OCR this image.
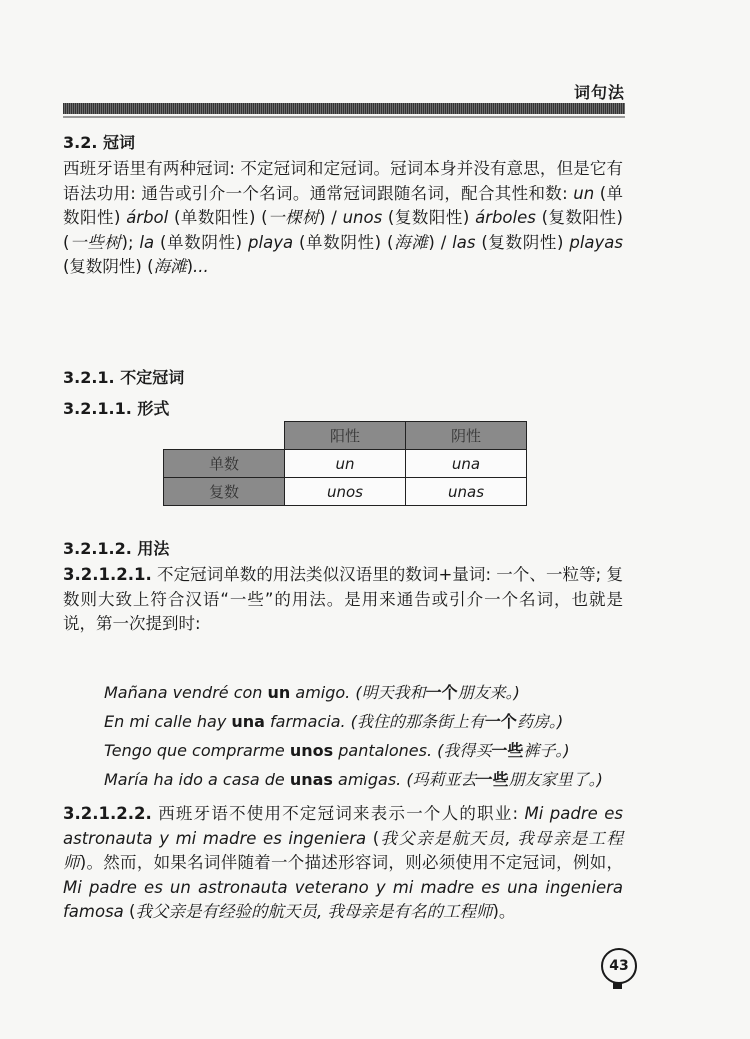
词句法
3.2. 冠词

西班牙语里有两种冠词: 不定冠词和定冠词。冠词本身并没有意思，但是它有语法功用: 通告或引介一个名词。通常冠词跟随名词，配合其性和数: un (单数阳性) árbol (单数阳性) (一棵树) / unos (复数阳性) árboles (复数阳性) (一些树); la (单数阴性) playa (单数阴性) (海滩) / las (复数阴性) playas (复数阴性) (海滩)...

3.2.1. 不定冠词
3.2.1.1. 形式
	阳性	阴性
单数	un	una
复数	unos	unas
3.2.1.2. 用法

3.2.1.2.1. 不定冠词单数的用法类似汉语里的数词+量词: 一个、一粒等; 复数则大致上符合汉语“一些”的用法。是用来通告或引介一个名词，也就是说，第一次提到时:

Mañana vendré con un amigo. (明天我和一个朋友来。)
En mi calle hay una farmacia. (我住的那条街上有一个药房。)
Tengo que comprarme unos pantalones. (我得买一些裤子。)
María ha ido a casa de unas amigas. (玛莉亚去一些朋友家里了。)

3.2.1.2.2. 西班牙语不使用不定冠词来表示一个人的职业: Mi padre es astronauta y mi madre es ingeniera (我父亲是航天员, 我母亲是工程师)。然而，如果名词伴随着一个描述形容词，则必须使用不定冠词，例如，Mi padre es un astronauta veterano y mi madre es una ingeniera famosa (我父亲是有经验的航天员, 我母亲是有名的工程师)。

43
